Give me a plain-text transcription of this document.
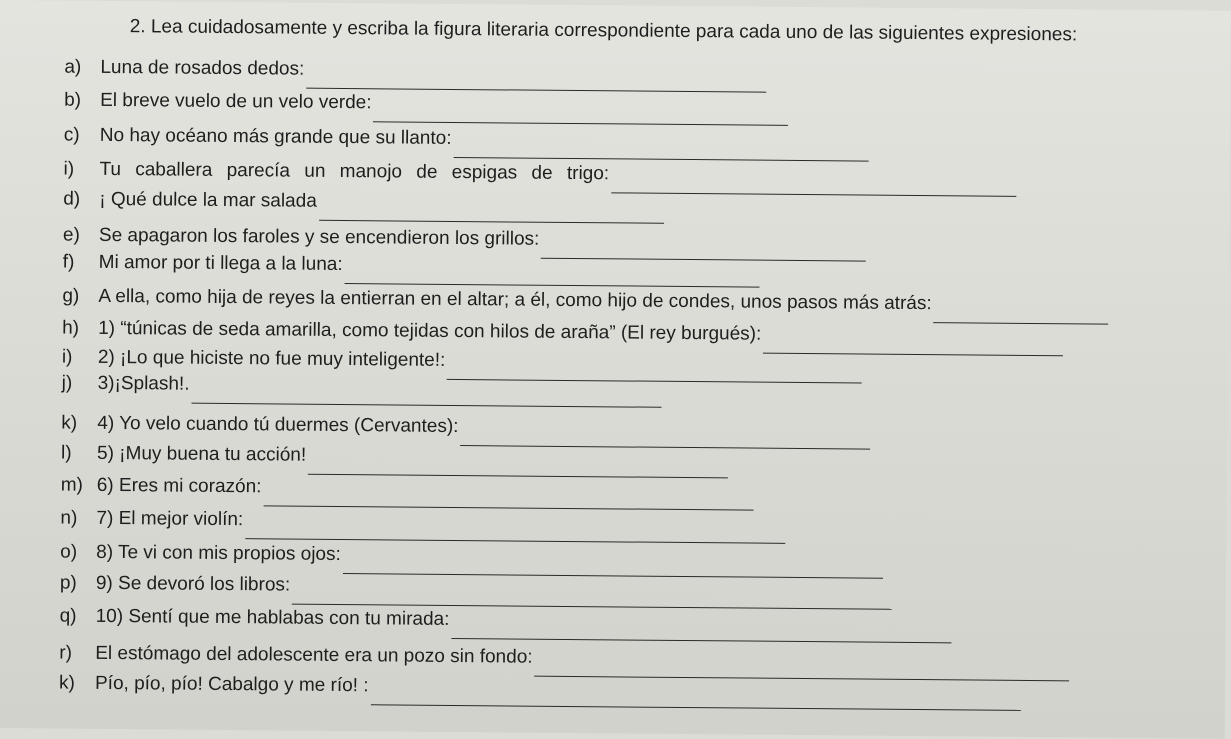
2. Lea cuidadosamente y escriba la figura literaria correspondiente para cada uno de las siguientes expresiones:
a) Luna de rosados dedos:
b) El breve vuelo de un velo verde:
c)	No hay océano más grande que su llanto:
i)	Tu caballera parecía un manojo de espigas de trigo:
d) ¡ Qué dulce la mar salada
e) Se apagaron los faroles y se encendieron los grillos:
f)	Mi amor por ti llega a la luna:
g) A ella, como hija de reyes la entierran en el altar; a él, como hijo de condes, unos pasos más atrás:
h) 1) “túnicas de seda amarilla, como tejidas con hilos de araña” (El rey burgués):
i)	2) ¡Lo que hiciste no fue muy inteligente!:
j)	3)¡Splash!.
k)	4) Yo velo cuando tú duermes (Cervantes):
l)	5) ¡Muy buena tu acción!
m) 6) Eres mi corazón:
n) 7) El mejor violín:
o) 8) Te vi con mis propios ojos:
p) 9) Se devoró los libros:
q) 10) Sentí que me hablabas con tu mirada:
r)	El estómago del adolescente era un pozo sin fondo:
k)	Pío, pío, pío! Cabalgo y me río! :
